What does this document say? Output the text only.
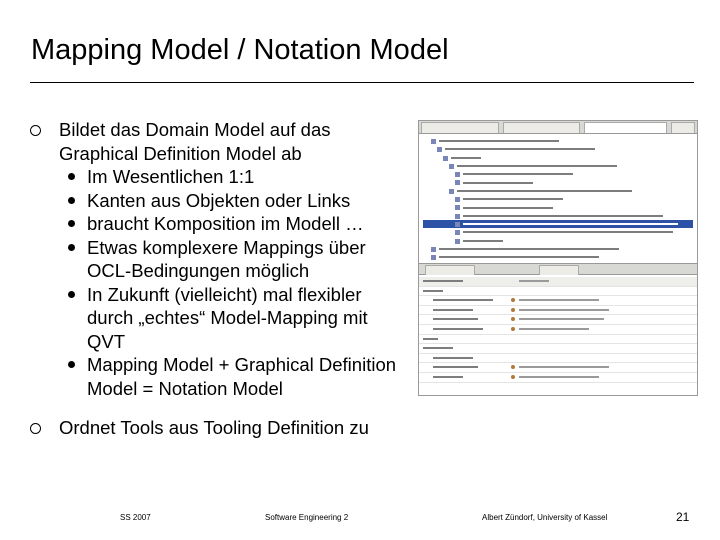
Mapping Model / Notation Model

Bildet das Domain Model auf das Graphical Definition Model ab

Im Wesentlichen 1:1

Kanten aus Objekten oder Links

braucht Komposition im Modell …

Etwas komplexere Mappings über OCL-Bedingungen möglich

In Zukunft (vielleicht) mal flexibler durch „echtes“ Model-Mapping mit QVT

Mapping Model + Graphical Definition Model = Notation Model

Ordnet Tools aus Tooling Definition zu

SS 2007	Software Engineering 2	Albert Zündorf, University of Kassel	21
